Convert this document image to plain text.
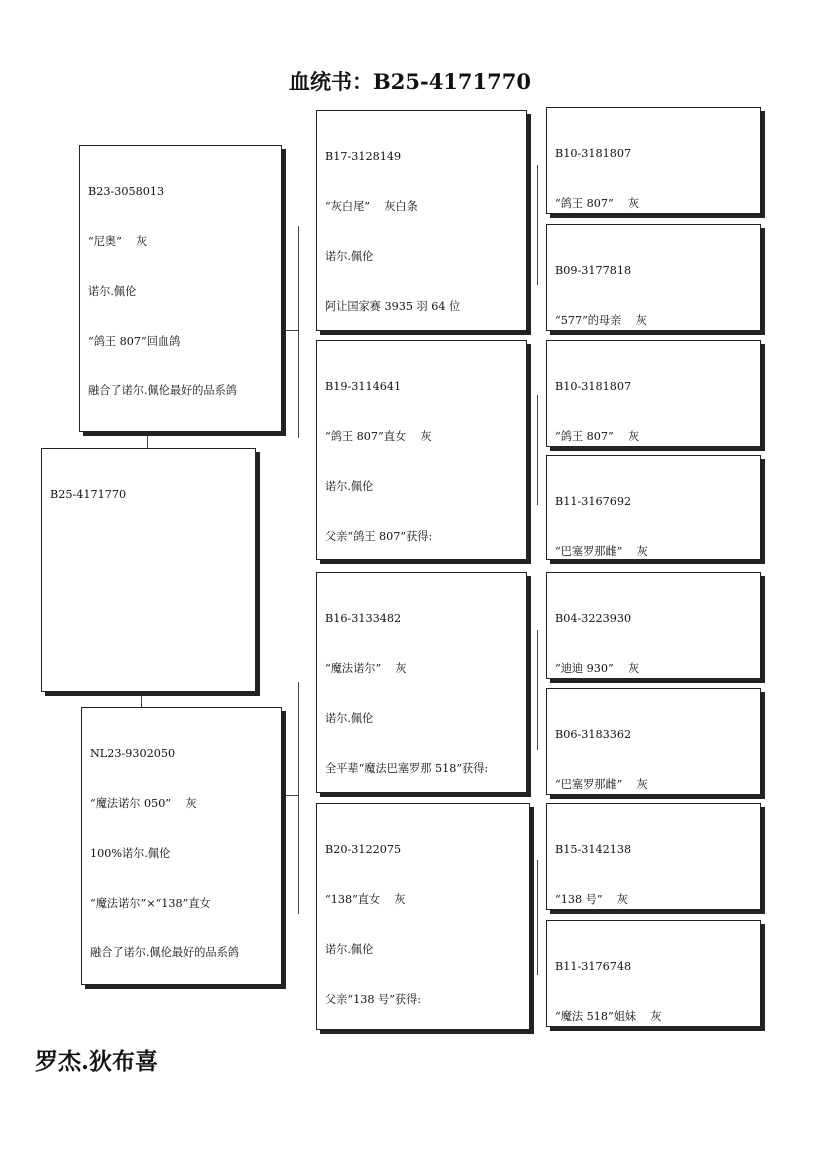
血统书：B25-4171770

B23-3058013

“尼奥”    灰

诺尔.佩伦

“鸽王 807”回血鸽

融合了诺尔.佩伦最好的品系鸽

B25-4171770

NL23-9302050

“魔法诺尔 050”    灰

100%诺尔.佩伦

“魔法诺尔”×“138”直女

融合了诺尔.佩伦最好的品系鸽

B17-3128149

“灰白尾”    灰白条

诺尔.佩伦

阿让国家赛 3935 羽 64 位

B19-3114641

“鸽王 807”直女    灰

诺尔.佩伦

父亲“鸽王 807”获得:

B16-3133482

“魔法诺尔”    灰

诺尔.佩伦

全平辈“魔法巴塞罗那 518”获得:

B20-3122075

“138”直女    灰

诺尔.佩伦

父亲“138 号”获得:

B10-3181807

“鸽王 807”    灰

B09-3177818

“577”的母亲    灰

B10-3181807

“鸽王 807”    灰

B11-3167692

“巴塞罗那雌”    灰

B04-3223930

“迪迪 930”    灰

B06-3183362

“巴塞罗那雌”    灰

B15-3142138

“138 号”    灰

B11-3176748

“魔法 518”姐妹    灰

罗杰.狄布喜
